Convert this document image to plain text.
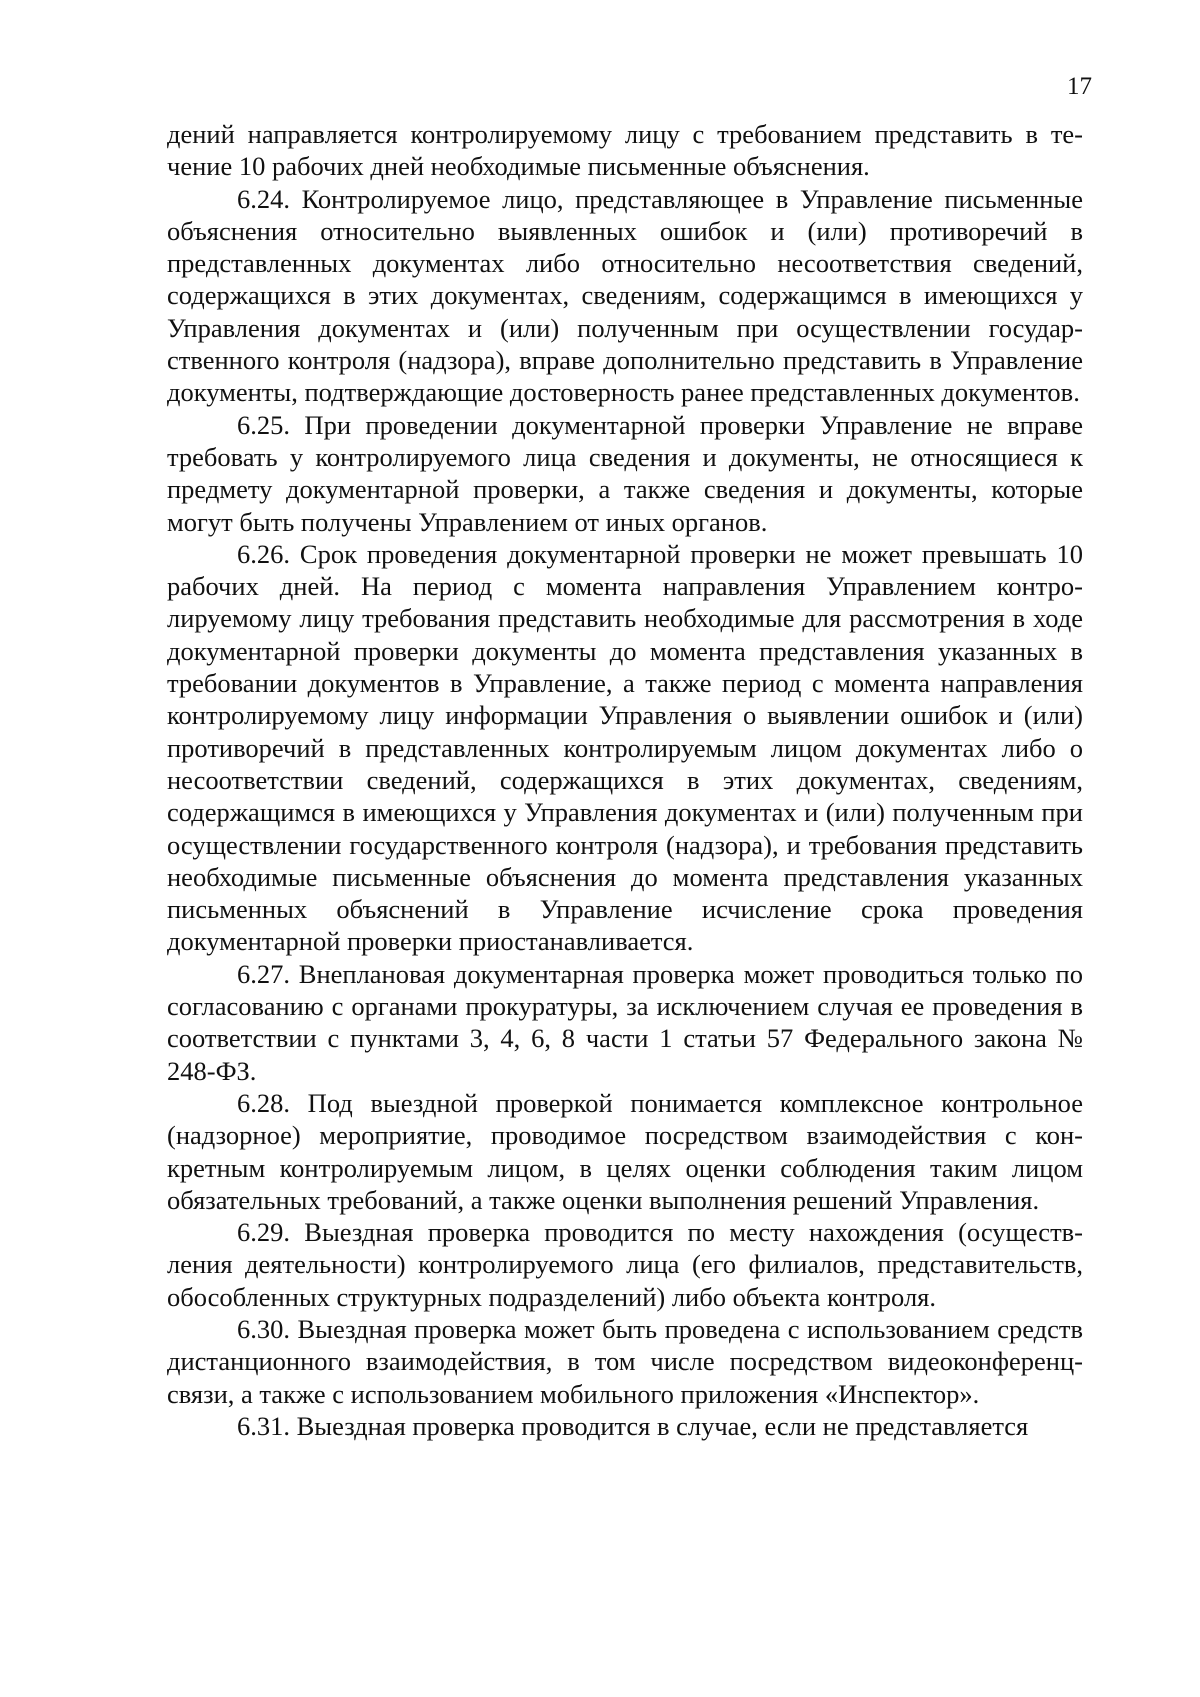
17

дений направляется контролируемому лицу с требованием представить в течение 10 рабочих дней необходимые письменные объяснения.

6.24. Контролируемое лицо, представляющее в Управление письменные объяснения относительно выявленных ошибок и (или) противоречий в представленных документах либо относительно несоответствия сведений, содержащихся в этих документах, сведениям, содержащимся в имеющихся у Управления документах и (или) полученным при осуществлении государственного контроля (надзора), вправе дополнительно представить в Управление документы, подтверждающие достоверность ранее представленных документов.

6.25. При проведении документарной проверки Управление не вправе требовать у контролируемого лица сведения и документы, не относящиеся к предмету документарной проверки, а также сведения и документы, которые могут быть получены Управлением от иных органов.

6.26. Срок проведения документарной проверки не может превышать 10 рабочих дней. На период с момента направления Управлением контролируемому лицу требования представить необходимые для рассмотрения в ходе документарной проверки документы до момента представления указанных в требовании документов в Управление, а также период с момента направления контролируемому лицу информации Управления о выявлении ошибок и (или) противоречий в представленных контролируемым лицом документах либо о несоответствии сведений, содержащихся в этих документах, сведениям, содержащимся в имеющихся у Управления документах и (или) полученным при осуществлении государственного контроля (надзора), и требования представить необходимые письменные объяснения до момента представления указанных письменных объяснений в Управление исчисление срока проведения документарной проверки приостанавливается.

6.27. Внеплановая документарная проверка может проводиться только по согласованию с органами прокуратуры, за исключением случая ее проведения в соответствии с пунктами 3, 4, 6, 8 части 1 статьи 57 Федерального закона № 248-ФЗ.

6.28. Под выездной проверкой понимается комплексное контрольное (надзорное) мероприятие, проводимое посредством взаимодействия с конкретным контролируемым лицом, в целях оценки соблюдения таким лицом обязательных требований, а также оценки выполнения решений Управления.

6.29. Выездная проверка проводится по месту нахождения (осуществления деятельности) контролируемого лица (его филиалов, представительств, обособленных структурных подразделений) либо объекта контроля.

6.30. Выездная проверка может быть проведена с использованием средств дистанционного взаимодействия, в том числе посредством видеоконференц-связи, а также с использованием мобильного приложения «Инспектор».

6.31. Выездная проверка проводится в случае, если не представляется
